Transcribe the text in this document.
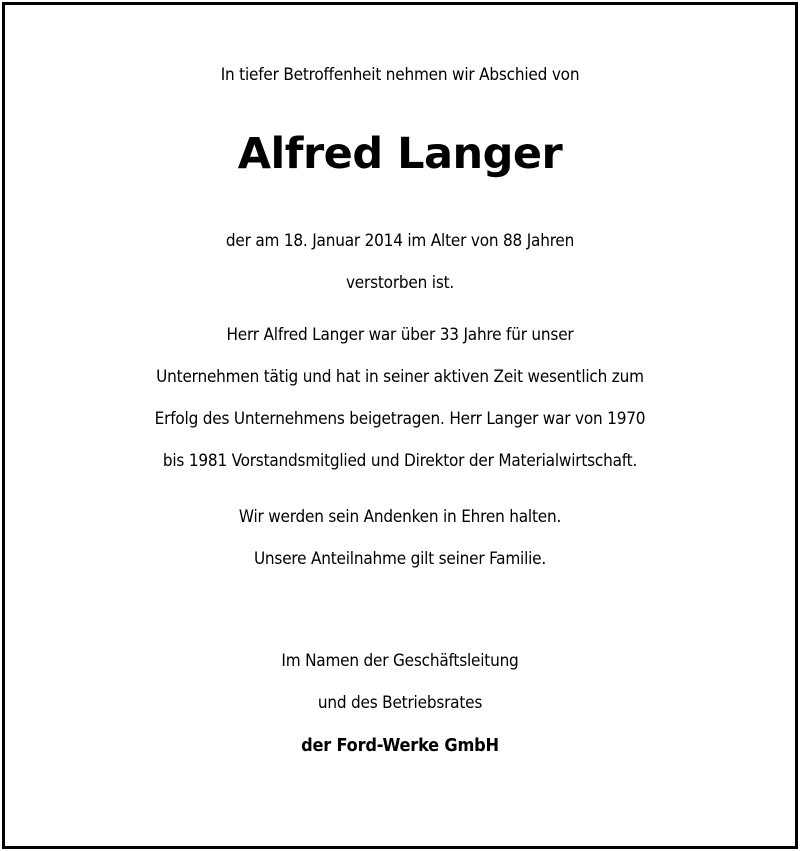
In tiefer Betroffenheit nehmen wir Abschied von
Alfred Langer
der am 18. Januar 2014 im Alter von 88 Jahren
verstorben ist.
Herr Alfred Langer war über 33 Jahre für unser
Unternehmen tätig und hat in seiner aktiven Zeit wesentlich zum
Erfolg des Unternehmens beigetragen. Herr Langer war von 1970
bis 1981 Vorstandsmitglied und Direktor der Materialwirtschaft.
Wir werden sein Andenken in Ehren halten.
Unsere Anteilnahme gilt seiner Familie.
Im Namen der Geschäftsleitung
und des Betriebsrates
der Ford-Werke GmbH
